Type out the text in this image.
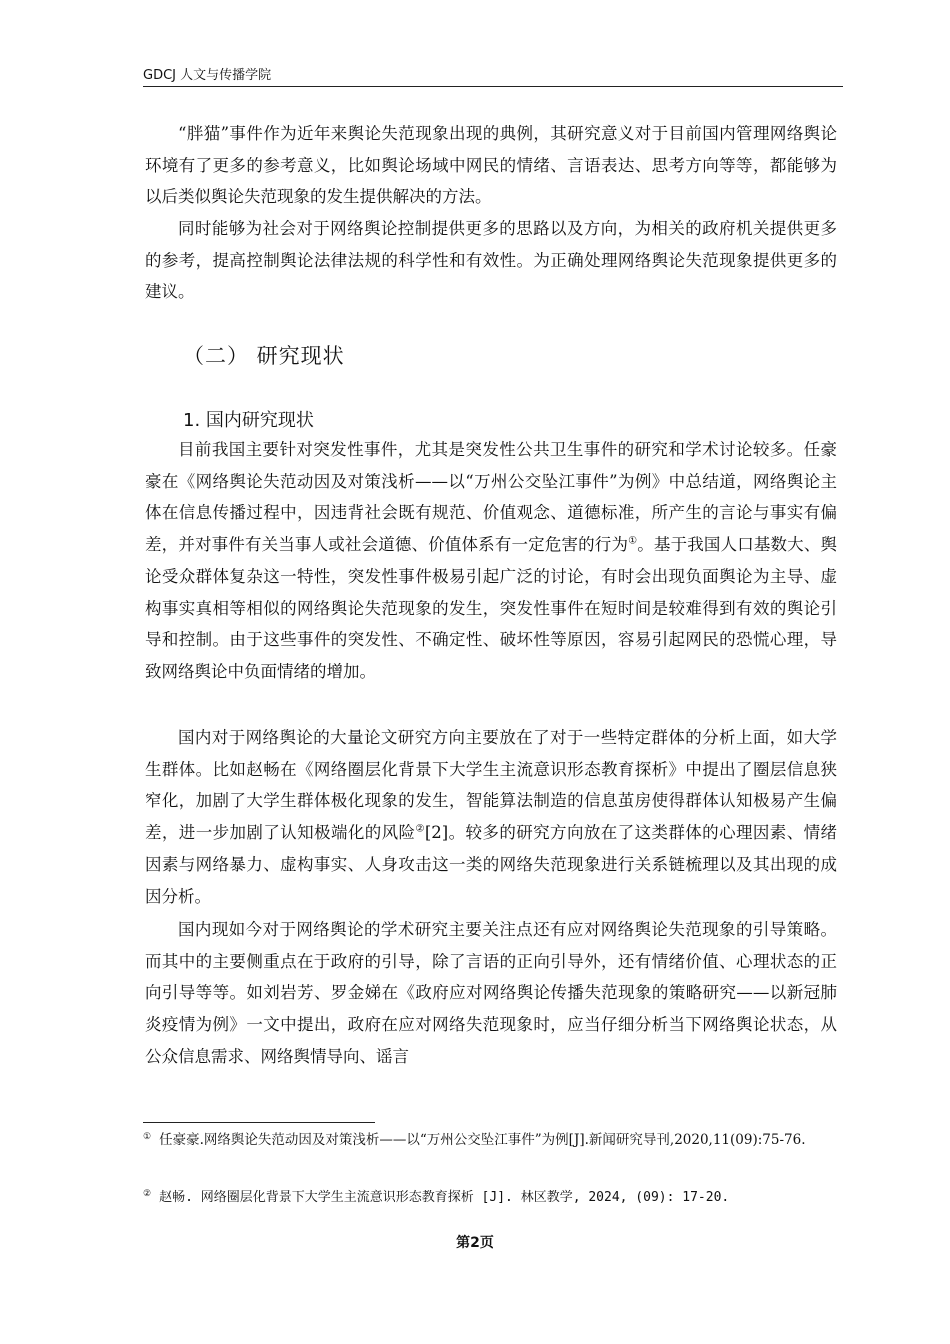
GDCJ 人文与传播学院

“胖猫”事件作为近年来舆论失范现象出现的典例，其研究意义对于目前国内管理网络舆论环境有了更多的参考意义，比如舆论场域中网民的情绪、言语表达、思考方向等等，都能够为以后类似舆论失范现象的发生提供解决的方法。

同时能够为社会对于网络舆论控制提供更多的思路以及方向，为相关的政府机关提供更多的参考，提高控制舆论法律法规的科学性和有效性。为正确处理网络舆论失范现象提供更多的建议。

（二） 研究现状
1. 国内研究现状

目前我国主要针对突发性事件，尤其是突发性公共卫生事件的研究和学术讨论较多。任豪豪在《网络舆论失范动因及对策浅析——以“万州公交坠江事件”为例》中总结道，网络舆论主体在信息传播过程中，因违背社会既有规范、价值观念、道德标准，所产生的言论与事实有偏差，并对事件有关当事人或社会道德、价值体系有一定危害的行为①。基于我国人口基数大、舆论受众群体复杂这一特性，突发性事件极易引起广泛的讨论，有时会出现负面舆论为主导、虚构事实真相等相似的网络舆论失范现象的发生，突发性事件在短时间是较难得到有效的舆论引导和控制。由于这些事件的突发性、不确定性、破坏性等原因，容易引起网民的恐慌心理，导致网络舆论中负面情绪的增加。

国内对于网络舆论的大量论文研究方向主要放在了对于一些特定群体的分析上面，如大学生群体。比如赵畅在《网络圈层化背景下大学生主流意识形态教育探析》中提出了圈层信息狭窄化，加剧了大学生群体极化现象的发生，智能算法制造的信息茧房使得群体认知极易产生偏差，进一步加剧了认知极端化的风险②[2]。较多的研究方向放在了这类群体的心理因素、情绪因素与网络暴力、虚构事实、人身攻击这一类的网络失范现象进行关系链梳理以及其出现的成因分析。

国内现如今对于网络舆论的学术研究主要关注点还有应对网络舆论失范现象的引导策略。而其中的主要侧重点在于政府的引导，除了言语的正向引导外，还有情绪价值、心理状态的正向引导等等。如刘岩芳、罗金娣在《政府应对网络舆论传播失范现象的策略研究——以新冠肺炎疫情为例》一文中提出，政府在应对网络失范现象时，应当仔细分析当下网络舆论状态，从公众信息需求、网络舆情导向、谣言

① 任豪豪.网络舆论失范动因及对策浅析——以“万州公交坠江事件”为例[J].新闻研究导刊,2020,11(09):75-76.

② 赵畅. 网络圈层化背景下大学生主流意识形态教育探析 [J]. 林区教学, 2024, (09): 17-20.

第2页
